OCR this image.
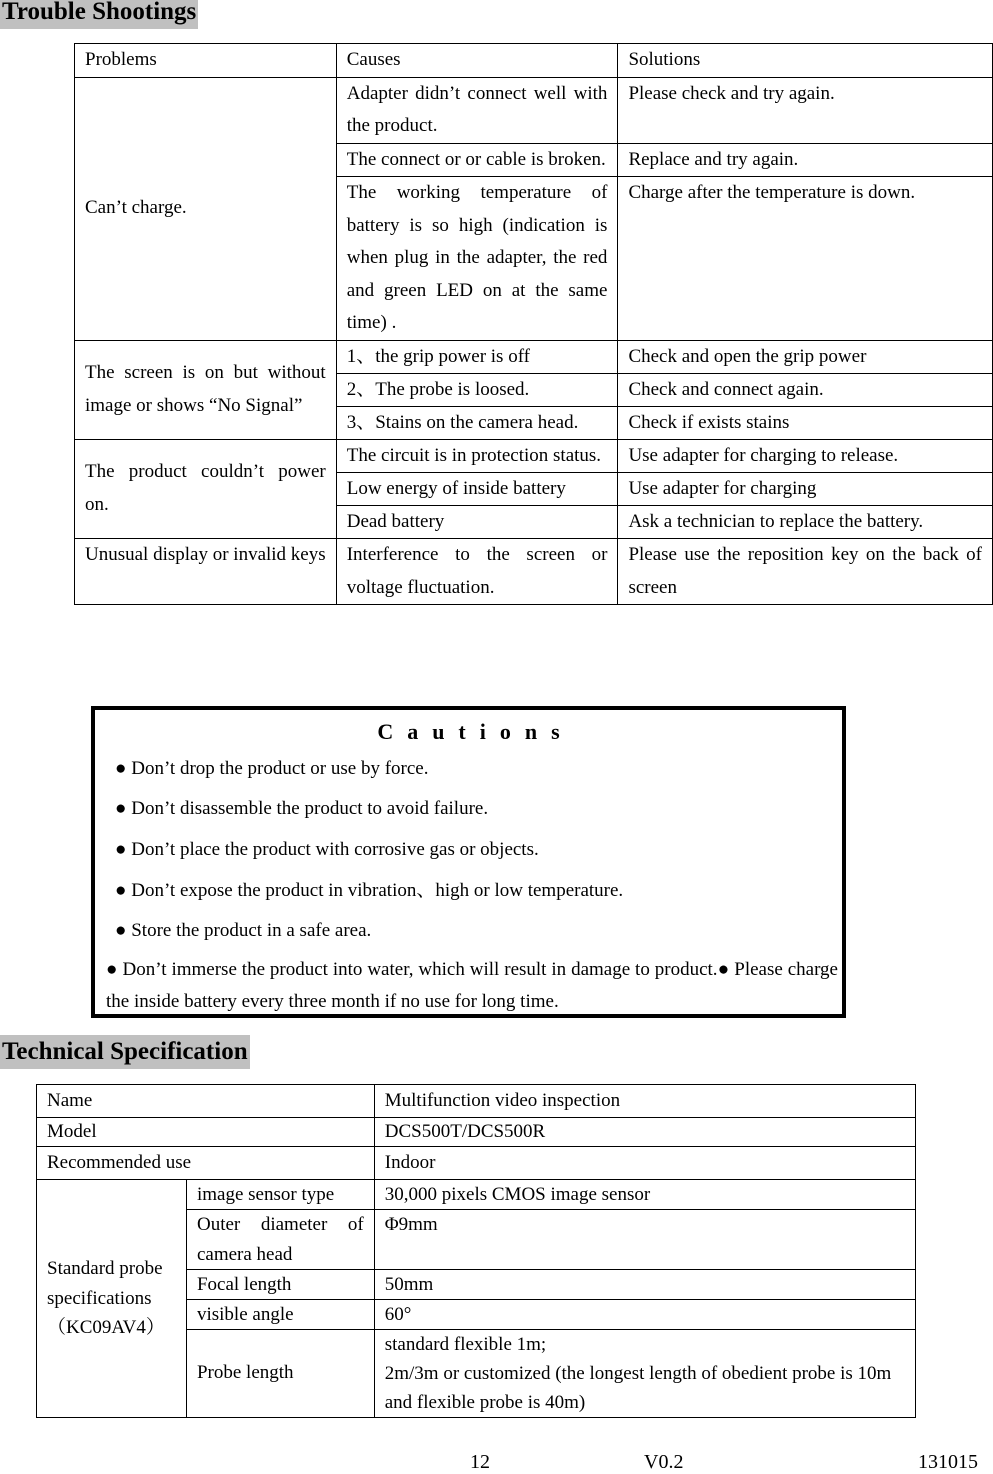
Trouble Shootings
Problems	Causes	Solutions
Can’t charge.	Adapter didn’t connect well with the product.	Please check and try again.
	The connect or or cable is broken.	Replace and try again.
	The working temperature of battery is so high (indication is when plug in the adapter, the red and green LED on at the same time) .	Charge after the temperature is down.
The screen is on but without image or shows “No Signal”	1、the grip power is off	Check and open the grip power
	2、The probe is loosed.	Check and connect again.
	3、Stains on the camera head.	Check if exists stains
The product couldn’t power on.	The circuit is in protection status.	Use adapter for charging to release.
	Low energy of inside battery	Use adapter for charging
	Dead battery	Ask a technician to replace the battery.
Unusual display or invalid keys	Interference to the screen or voltage fluctuation.	Please use the reposition key on the back of screen
Cautions
● Don’t drop the product or use by force.
● Don’t disassemble the product to avoid failure.
● Don’t place the product with corrosive gas or objects.
● Don’t expose the product in vibration、high or low temperature.
● Store the product in a safe area.
● Don’t immerse the product into water, which will result in damage to product.● Please charge the inside battery every three month if no use for long time.
Technical Specification
Name		Multifunction video inspection
Model		DCS500T/DCS500R
Recommended use		Indoor
Standard probe specifications（KC09AV4）	image sensor type	30,000 pixels CMOS image sensor
	Outer diameter of camera head	Φ9mm
	Focal length	50mm
	visible angle	60°
	Probe length	standard flexible 1m;
2m/3m or customized (the longest length of obedient probe is 10m and flexible probe is 40m)
12	V0.2	131015
